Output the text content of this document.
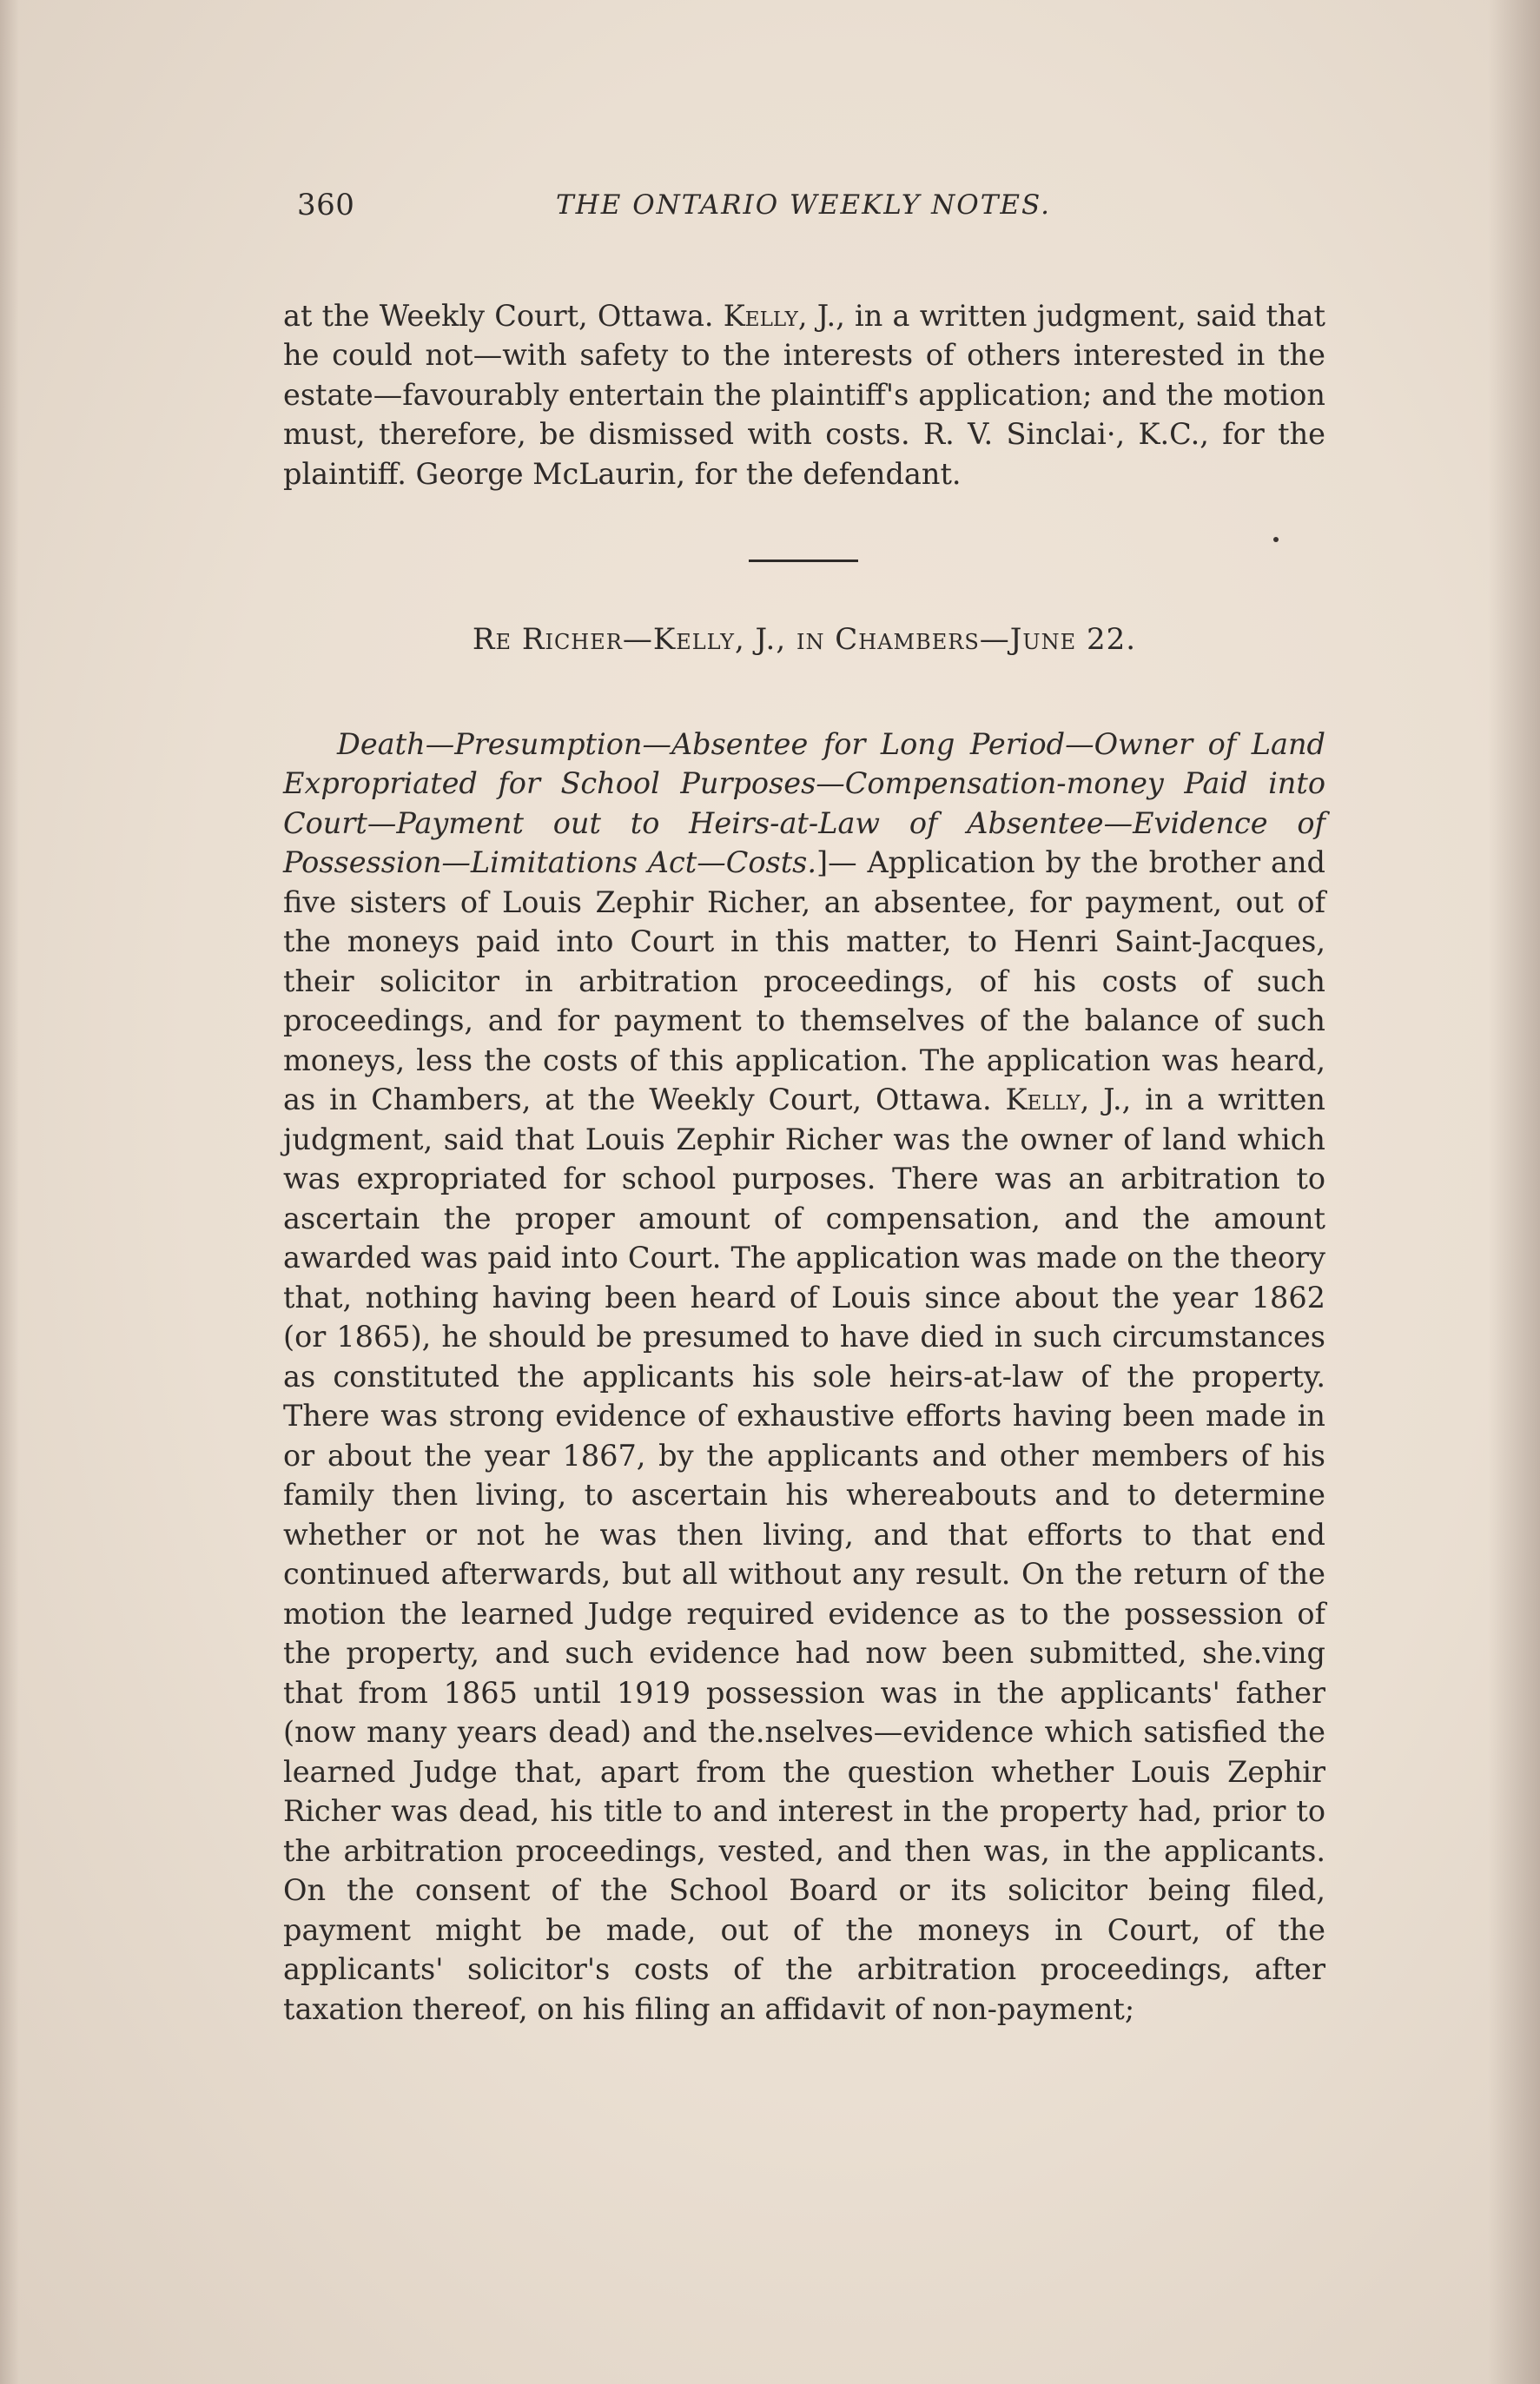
360	THE ONTARIO WEEKLY NOTES.

at the Weekly Court, Ottawa. Kelly, J., in a written judgment, said that he could not—with safety to the interests of others interested in the estate—favourably entertain the plaintiff's application; and the motion must, therefore, be dismissed with costs. R. V. Sinclai·, K.C., for the plaintiff. George McLaurin, for the defendant.

Re Richer—Kelly, J., in Chambers—June 22.

Death—Presumption—Absentee for Long Period—Owner of Land Expropriated for School Purposes—Compensation-money Paid into Court—Payment out to Heirs-at-Law of Absentee—Evidence of Possession—Limitations Act—Costs.]— Application by the brother and five sisters of Louis Zephir Richer, an absentee, for payment, out of the moneys paid into Court in this matter, to Henri Saint-Jacques, their solicitor in arbitration proceedings, of his costs of such proceedings, and for payment to themselves of the balance of such moneys, less the costs of this application. The application was heard, as in Chambers, at the Weekly Court, Ottawa. Kelly, J., in a written judgment, said that Louis Zephir Richer was the owner of land which was expropriated for school purposes. There was an arbitration to ascertain the proper amount of compensation, and the amount awarded was paid into Court. The application was made on the theory that, nothing having been heard of Louis since about the year 1862 (or 1865), he should be presumed to have died in such circumstances as constituted the applicants his sole heirs-at-law of the property. There was strong evidence of exhaustive efforts having been made in or about the year 1867, by the applicants and other members of his family then living, to ascertain his whereabouts and to determine whether or not he was then living, and that efforts to that end continued afterwards, but all without any result. On the return of the motion the learned Judge required evidence as to the possession of the property, and such evidence had now been submitted, she.ving that from 1865 until 1919 possession was in the applicants' father (now many years dead) and the.nselves—evidence which satisfied the learned Judge that, apart from the question whether Louis Zephir Richer was dead, his title to and interest in the property had, prior to the arbitration proceedings, vested, and then was, in the applicants. On the consent of the School Board or its solicitor being filed, payment might be made, out of the moneys in Court, of the applicants' solicitor's costs of the arbitration proceedings, after taxation thereof, on his filing an affidavit of non-payment;
